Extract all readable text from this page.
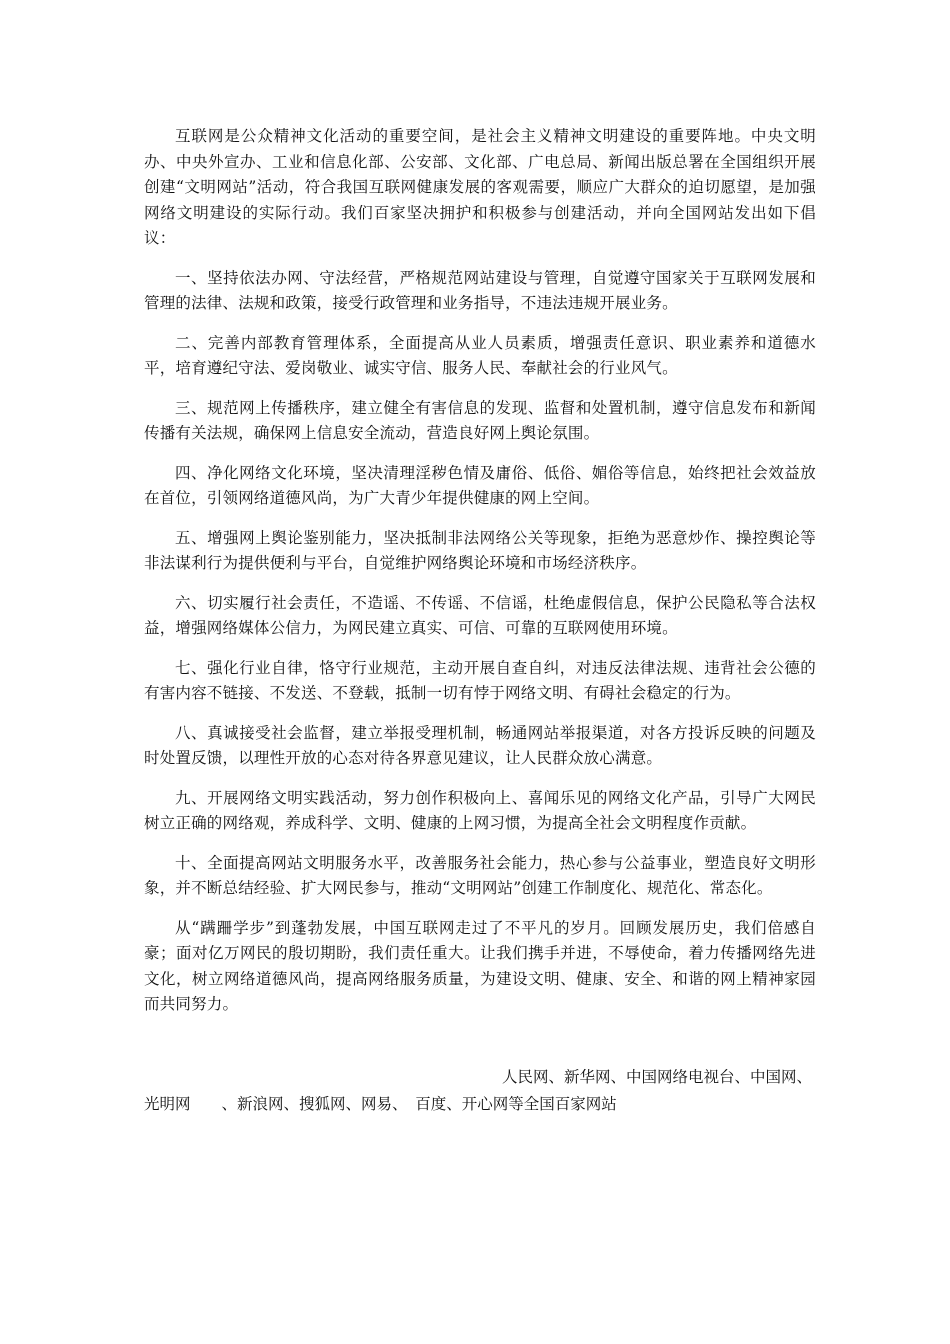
互联网是公众精神文化活动的重要空间，是社会主义精神文明建设的重要阵地。中央文明办、中央外宣办、工业和信息化部、公安部、文化部、广电总局、新闻出版总署在全国组织开展创建“文明网站”活动，符合我国互联网健康发展的客观需要，顺应广大群众的迫切愿望，是加强网络文明建设的实际行动。我们百家坚决拥护和积极参与创建活动，并向全国网站发出如下倡议：

一、坚持依法办网、守法经营，严格规范网站建设与管理，自觉遵守国家关于互联网发展和管理的法律、法规和政策，接受行政管理和业务指导，不违法违规开展业务。

二、完善内部教育管理体系，全面提高从业人员素质，增强责任意识、职业素养和道德水平，培育遵纪守法、爱岗敬业、诚实守信、服务人民、奉献社会的行业风气。

三、规范网上传播秩序，建立健全有害信息的发现、监督和处置机制，遵守信息发布和新闻传播有关法规，确保网上信息安全流动，营造良好网上舆论氛围。

四、净化网络文化环境，坚决清理淫秽色情及庸俗、低俗、媚俗等信息，始终把社会效益放在首位，引领网络道德风尚，为广大青少年提供健康的网上空间。

五、增强网上舆论鉴别能力，坚决抵制非法网络公关等现象，拒绝为恶意炒作、操控舆论等非法谋利行为提供便利与平台，自觉维护网络舆论环境和市场经济秩序。

六、切实履行社会责任，不造谣、不传谣、不信谣，杜绝虚假信息，保护公民隐私等合法权益，增强网络媒体公信力，为网民建立真实、可信、可靠的互联网使用环境。

七、强化行业自律，恪守行业规范，主动开展自查自纠，对违反法律法规、违背社会公德的有害内容不链接、不发送、不登载，抵制一切有悖于网络文明、有碍社会稳定的行为。

八、真诚接受社会监督，建立举报受理机制，畅通网站举报渠道，对各方投诉反映的问题及时处置反馈，以理性开放的心态对待各界意见建议，让人民群众放心满意。

九、开展网络文明实践活动，努力创作积极向上、喜闻乐见的网络文化产品，引导广大网民树立正确的网络观，养成科学、文明、健康的上网习惯，为提高全社会文明程度作贡献。

十、全面提高网站文明服务水平，改善服务社会能力，热心参与公益事业，塑造良好文明形象，并不断总结经验、扩大网民参与，推动“文明网站”创建工作制度化、规范化、常态化。

从“蹒跚学步”到蓬勃发展，中国互联网走过了不平凡的岁月。回顾发展历史，我们倍感自豪；面对亿万网民的殷切期盼，我们责任重大。让我们携手并进，不辱使命，着力传播网络先进文化，树立网络道德风尚，提高网络服务质量，为建设文明、健康、安全、和谐的网上精神家园而共同努力。

人民网、新华网、中国网络电视台、中国网、
光明网　　、新浪网、搜狐网、网易、　百度、开心网等全国百家网站
